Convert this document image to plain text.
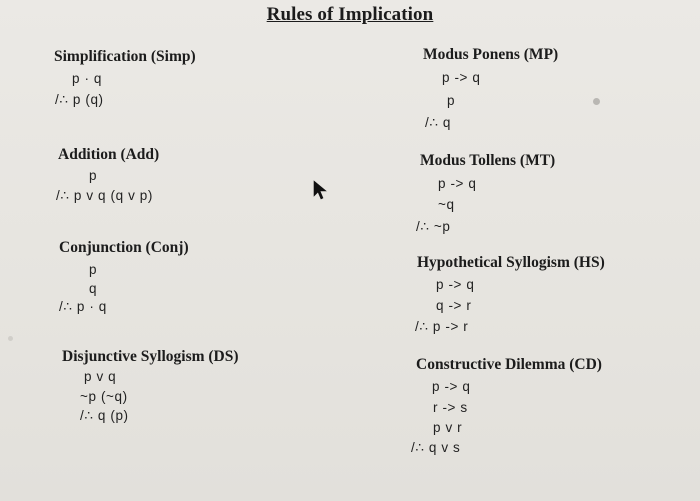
Rules of Implication
Simplification (Simp)
p · q
/∴ p (q)
Modus Ponens (MP)
p -> q
p
/∴ q
Addition (Add)
p
/∴ p v q (q v p)
Modus Tollens (MT)
p -> q
~q
/∴ ~p
Conjunction (Conj)
p
q
/∴ p · q
Hypothetical Syllogism (HS)
p -> q
q -> r
/∴ p -> r
Disjunctive Syllogism (DS)
p v q
~p (~q)
/∴ q (p)
Constructive Dilemma (CD)
p -> q
r -> s
p v r
/∴ q v s
